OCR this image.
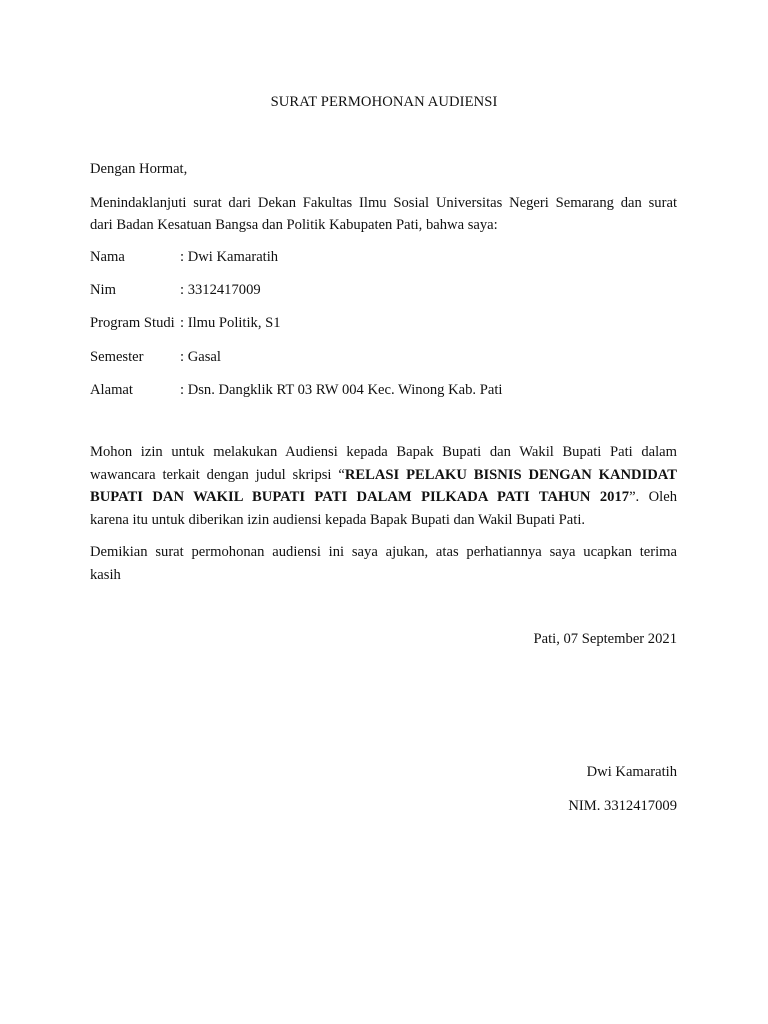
SURAT PERMOHONAN AUDIENSI
Dengan Hormat,
Menindaklanjuti surat dari Dekan Fakultas Ilmu Sosial Universitas Negeri Semarang dan surat
dari Badan Kesatuan Bangsa dan Politik Kabupaten Pati, bahwa saya:
Nama	: Dwi Kamaratih
Nim	: 3312417009
Program Studi : Ilmu Politik, S1
Semester	: Gasal
Alamat	: Dsn. Dangklik RT 03 RW 004 Kec. Winong Kab. Pati
Mohon izin untuk melakukan Audiensi kepada Bapak Bupati dan Wakil Bupati Pati dalam
wawancara terkait dengan judul skripsi “RELASI PELAKU BISNIS DENGAN KANDIDAT
BUPATI DAN WAKIL BUPATI PATI DALAM PILKADA PATI TAHUN 2017”. Oleh
karena itu untuk diberikan izin audiensi kepada Bapak Bupati dan Wakil Bupati Pati.
Demikian surat permohonan audiensi ini saya ajukan, atas perhatiannya saya ucapkan terima
kasih
Pati, 07 September 2021
Dwi Kamaratih
NIM. 3312417009
